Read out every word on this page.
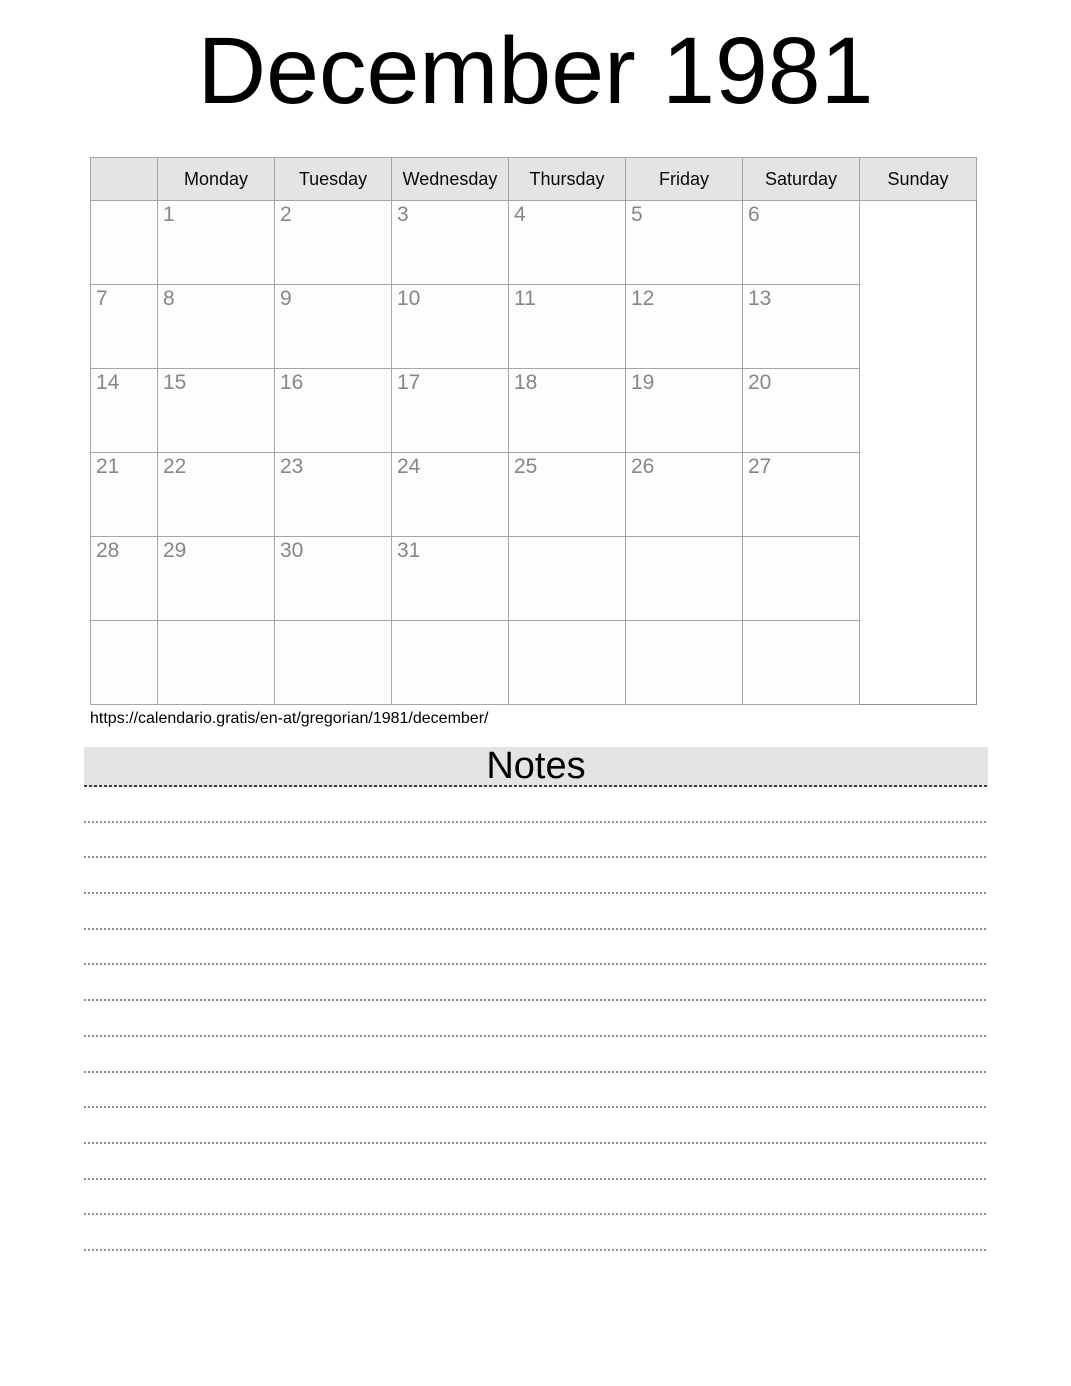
December 1981
	Monday	Tuesday	Wednesday	Thursday	Friday	Saturday	Sunday
	1	2	3	4	5	6	
7	8	9	10	11	12	13	
14	15	16	17	18	19	20	
21	22	23	24	25	26	27	
28	29	30	31				

https://calendario.gratis/en-at/gregorian/1981/december/
Notes
